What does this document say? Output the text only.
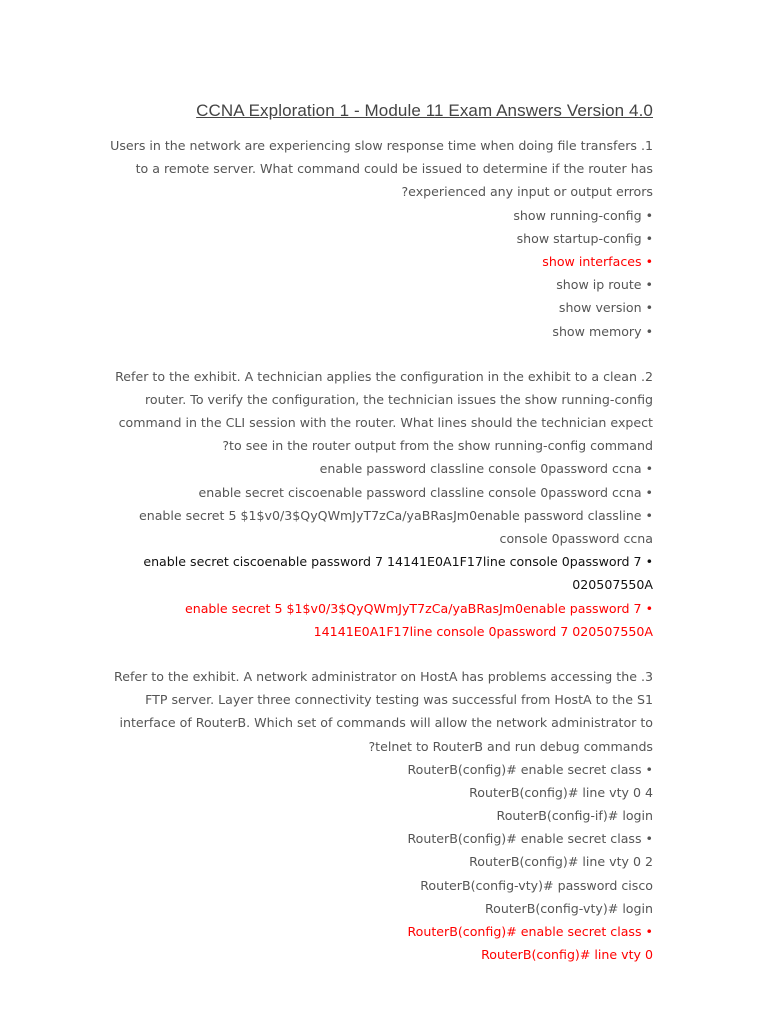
CCNA Exploration 1 - Module 11 Exam Answers Version 4.0
Users in the network are experiencing slow response time when doing file transfers .1
to a remote server. What command could be issued to determine if the router has
?experienced any input or output errors
show running-config •
show startup-config •
show interfaces •
show ip route •
show version •
show memory •
Refer to the exhibit. A technician applies the configuration in the exhibit to a clean .2
router. To verify the configuration, the technician issues the show running-config
command in the CLI session with the router. What lines should the technician expect
?to see in the router output from the show running-config command
enable password classline console 0password ccna •
enable secret ciscoenable password classline console 0password ccna •
enable secret 5 $1$v0/3$QyQWmJyT7zCa/yaBRasJm0enable password classline •
console 0password ccna
enable secret ciscoenable password 7 14141E0A1F17line console 0password 7 •
020507550A
enable secret 5 $1$v0/3$QyQWmJyT7zCa/yaBRasJm0enable password 7 •
14141E0A1F17line console 0password 7 020507550A
Refer to the exhibit. A network administrator on HostA has problems accessing the .3
FTP server. Layer three connectivity testing was successful from HostA to the S1
interface of RouterB. Which set of commands will allow the network administrator to
?telnet to RouterB and run debug commands
RouterB(config)# enable secret class •
RouterB(config)# line vty 0 4
RouterB(config-if)# login
RouterB(config)# enable secret class •
RouterB(config)# line vty 0 2
RouterB(config-vty)# password cisco
RouterB(config-vty)# login
RouterB(config)# enable secret class •
RouterB(config)# line vty 0
